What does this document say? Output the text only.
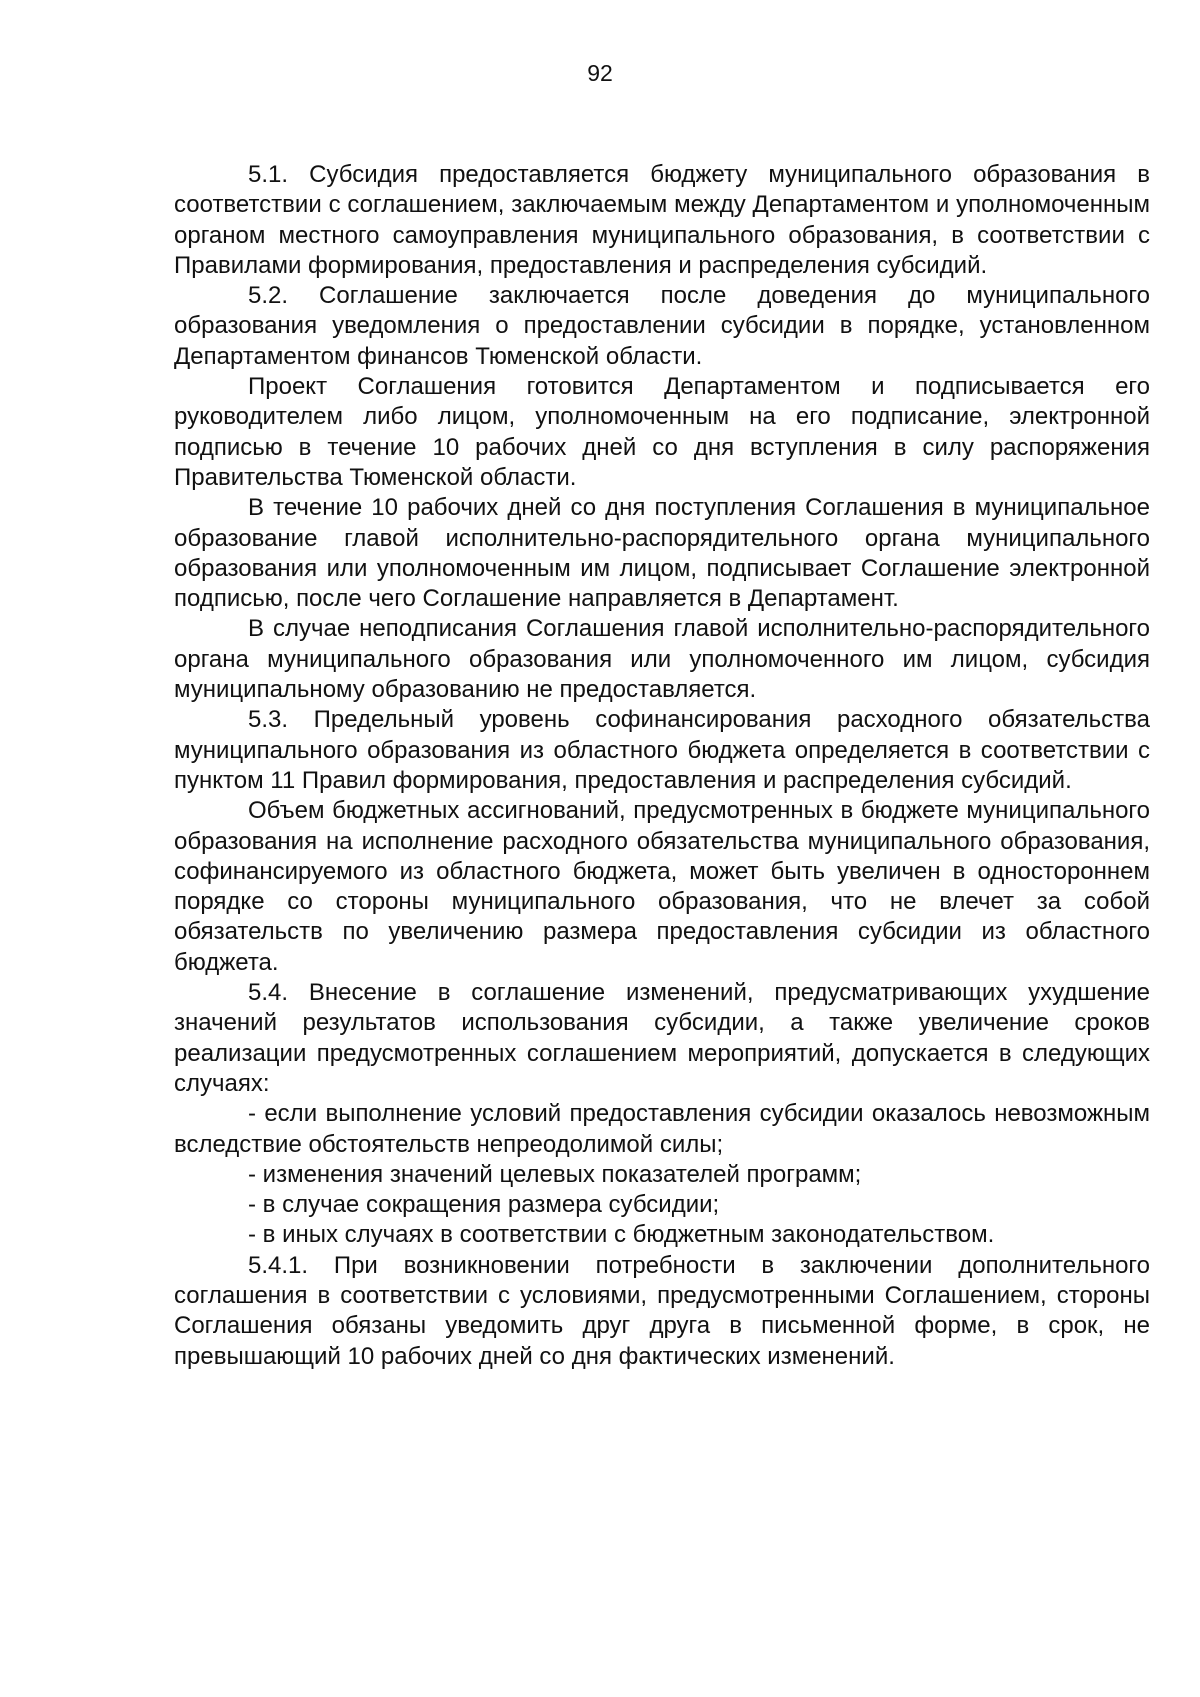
92

5.1. Субсидия предоставляется бюджету муниципального образования в соответствии с соглашением, заключаемым между Департаментом и уполномоченным органом местного самоуправления муниципального образования, в соответствии с Правилами формирования, предоставления и распределения субсидий.

5.2. Соглашение заключается после доведения до муниципального образования уведомления о предоставлении субсидии в порядке, установленном Департаментом финансов Тюменской области.

Проект Соглашения готовится Департаментом и подписывается его руководителем либо лицом, уполномоченным на его подписание, электронной подписью в течение 10 рабочих дней со дня вступления в силу распоряжения Правительства Тюменской области.

В течение 10 рабочих дней со дня поступления Соглашения в муниципальное образование главой исполнительно-распорядительного органа муниципального образования или уполномоченным им лицом, подписывает Соглашение электронной подписью, после чего Соглашение направляется в Департамент.

В случае неподписания Соглашения главой исполнительно-распорядительного органа муниципального образования или уполномоченного им лицом, субсидия муниципальному образованию не предоставляется.

5.3. Предельный уровень софинансирования расходного обязательства муниципального образования из областного бюджета определяется в соответствии с пунктом 11 Правил формирования, предоставления и распределения субсидий.

Объем бюджетных ассигнований, предусмотренных в бюджете муниципального образования на исполнение расходного обязательства муниципального образования, софинансируемого из областного бюджета, может быть увеличен в одностороннем порядке со стороны муниципального образования, что не влечет за собой обязательств по увеличению размера предоставления субсидии из областного бюджета.

5.4. Внесение в соглашение изменений, предусматривающих ухудшение значений результатов использования субсидии, а также увеличение сроков реализации предусмотренных соглашением мероприятий, допускается в следующих случаях:

- если выполнение условий предоставления субсидии оказалось невозможным вследствие обстоятельств непреодолимой силы;

- изменения значений целевых показателей программ;

- в случае сокращения размера субсидии;

- в иных случаях в соответствии с бюджетным законодательством.

5.4.1. При возникновении потребности в заключении дополнительного соглашения в соответствии с условиями, предусмотренными Соглашением, стороны Соглашения обязаны уведомить друг друга в письменной форме, в срок, не превышающий 10 рабочих дней со дня фактических изменений.
